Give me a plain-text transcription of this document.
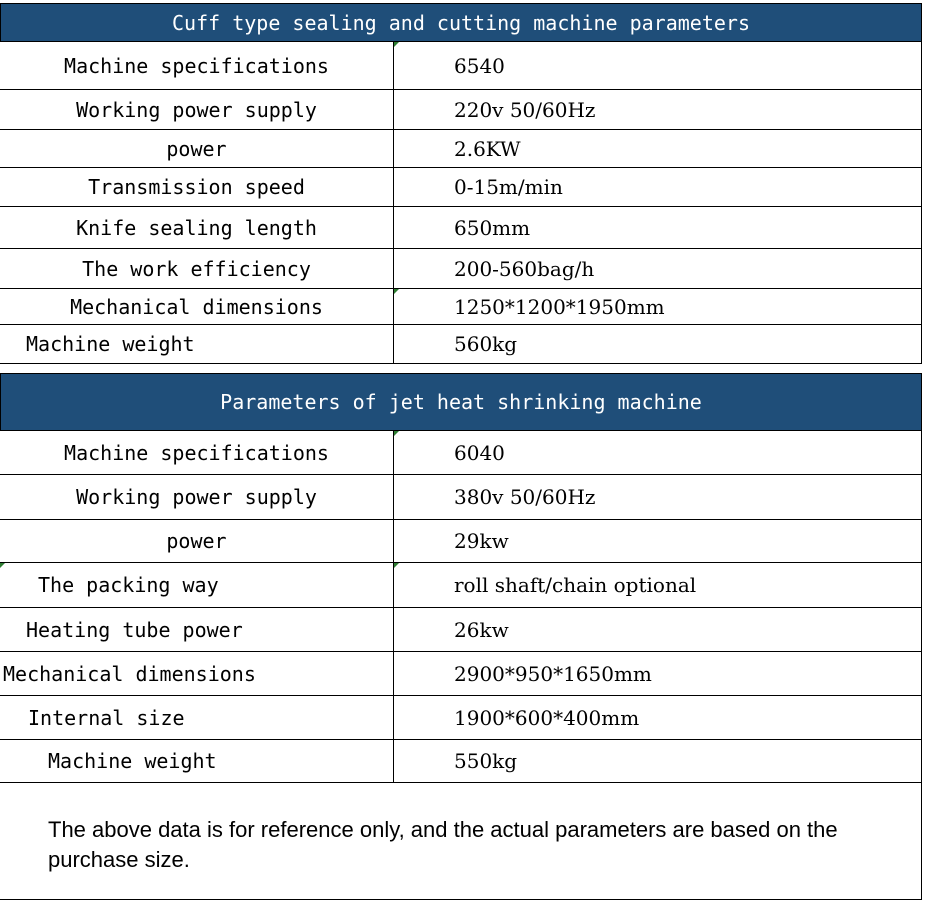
Cuff type sealing and cutting machine parameters
Machine specifications	6540
Working power supply	220v 50/60Hz
power	2.6KW
Transmission speed	0-15m/min
Knife sealing length	650mm
The work efficiency	200-560bag/h
Mechanical dimensions	1250*1200*1950mm
Machine weight	560kg
Parameters of jet heat shrinking machine
Machine specifications	6040
Working power supply	380v 50/60Hz
power	29kw
The packing way	roll shaft/chain optional
Heating tube power	26kw
Mechanical dimensions	2900*950*1650mm
Internal size	1900*600*400mm
Machine weight	550kg
The above data is for reference only, and the actual parameters are based on the purchase size.
